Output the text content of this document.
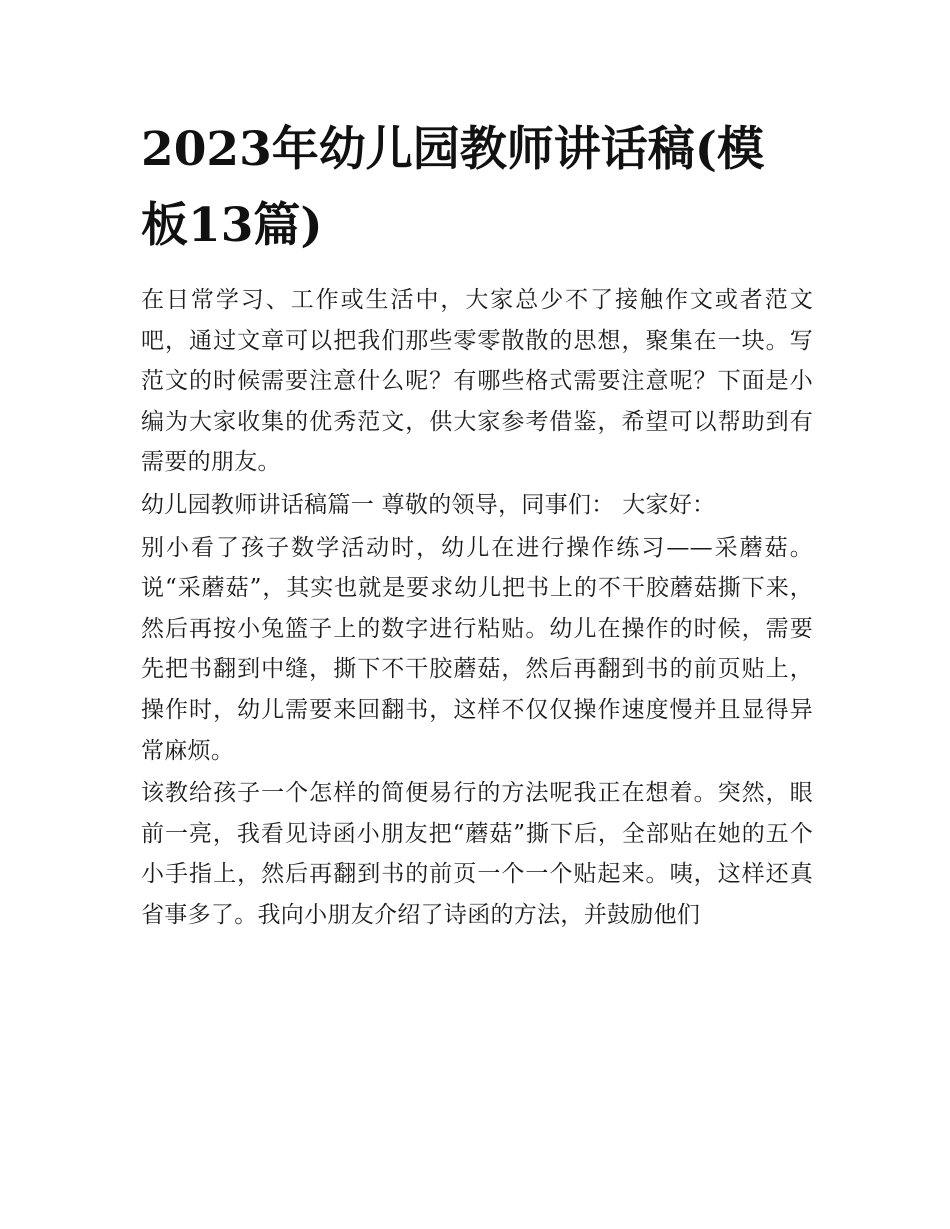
2023年幼儿园教师讲话稿(模板13篇)

在日常学习、工作或生活中，大家总少不了接触作文或者范文吧，通过文章可以把我们那些零零散散的思想，聚集在一块。写范文的时候需要注意什么呢？有哪些格式需要注意呢？下面是小编为大家收集的优秀范文，供大家参考借鉴，希望可以帮助到有需要的朋友。

幼儿园教师讲话稿篇一 尊敬的领导，同事们： 大家好：

别小看了孩子数学活动时，幼儿在进行操作练习——采蘑菇。说“采蘑菇”，其实也就是要求幼儿把书上的不干胶蘑菇撕下来，然后再按小兔篮子上的数字进行粘贴。幼儿在操作的时候，需要先把书翻到中缝，撕下不干胶蘑菇，然后再翻到书的前页贴上，操作时，幼儿需要来回翻书，这样不仅仅操作速度慢并且显得异常麻烦。

该教给孩子一个怎样的简便易行的方法呢我正在想着。突然，眼前一亮，我看见诗函小朋友把“蘑菇”撕下后，全部贴在她的五个小手指上，然后再翻到书的前页一个一个贴起来。咦，这样还真省事多了。我向小朋友介绍了诗函的方法，并鼓励他们
